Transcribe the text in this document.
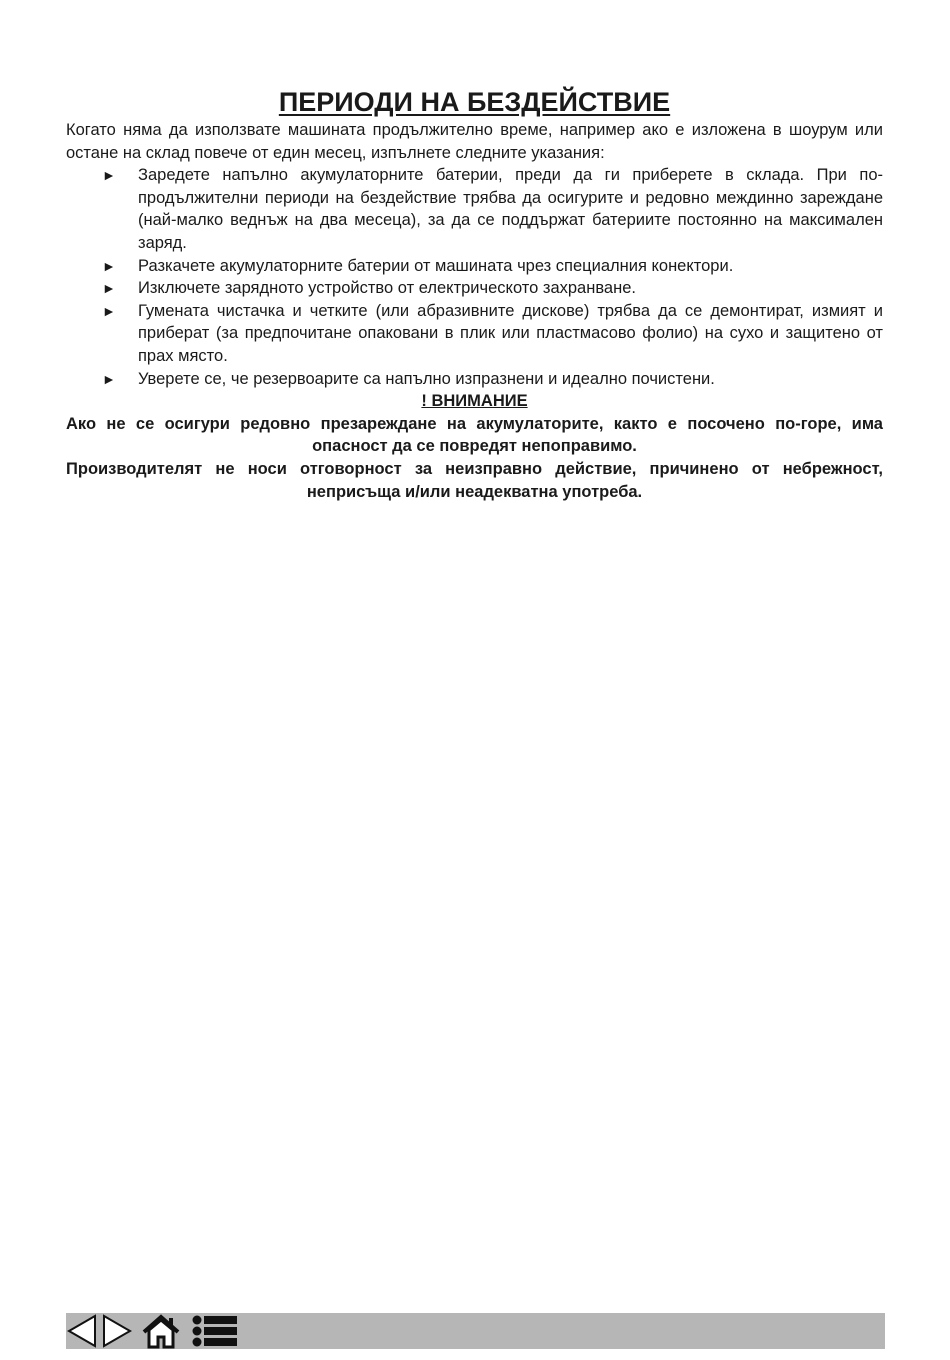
ПЕРИОДИ НА БЕЗДЕЙСТВИЕ

Когато няма да използвате машината продължително време, например ако е изложена в шоурум или остане на склад повече от един месец, изпълнете следните указания:

► Заредете напълно акумулаторните батерии, преди да ги приберете в склада. При по-продължителни периоди на бездействие трябва да осигурите и редовно междинно зареждане (най-малко веднъж на два месеца), за да се поддържат батериите постоянно на максимален заряд.
► Разкачете акумулаторните батерии от машината чрез специалния конектори.
► Изключете зарядното устройство от електрическото захранване.
► Гумената чистачка и четките (или абразивните дискове) трябва да се демонтират, измият и приберат (за предпочитане опаковани в плик или пластмасово фолио) на сухо и защитено от прах място.
► Уверете се, че резервоарите са напълно изпразнени и идеално почистени.

! ВНИМАНИЕ

Ако не се осигури редовно презареждане на акумулаторите, както е посочено по-горе, има опасност да се повредят непоправимо.

Производителят не носи отговорност за неизправно действие, причинено от небрежност, неприсъща и/или неадекватна употреба.
